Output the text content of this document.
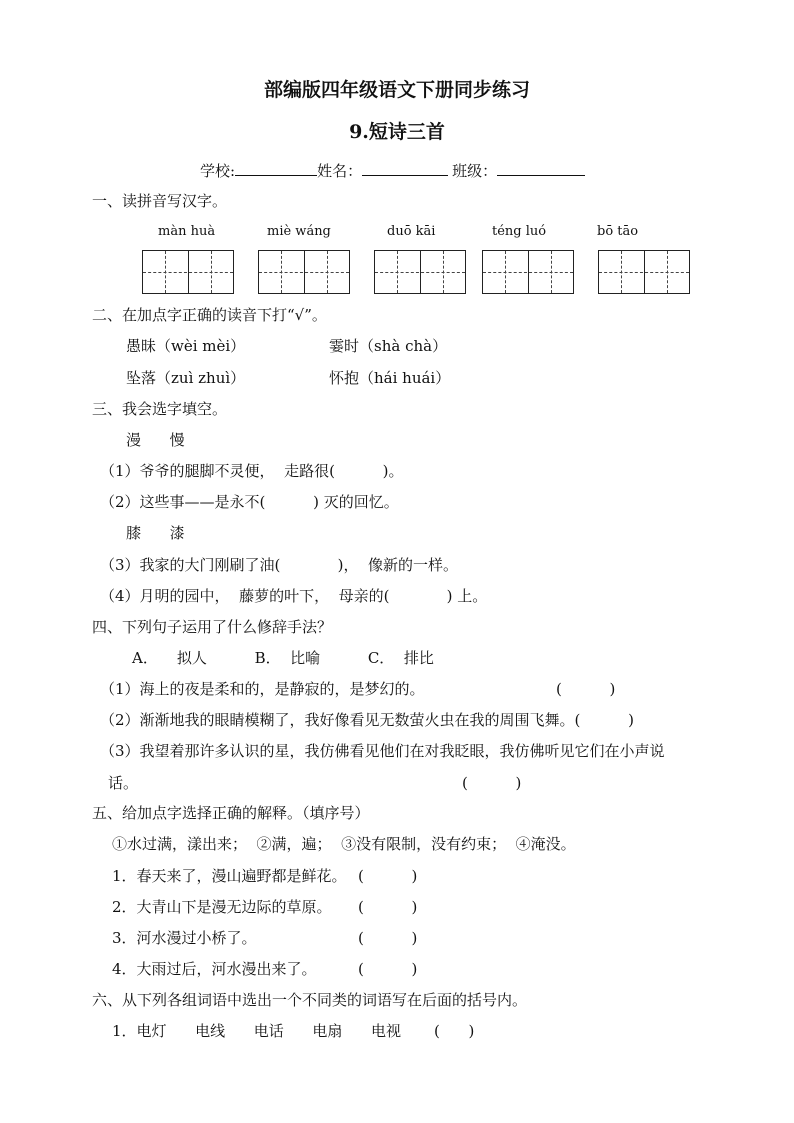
部编版四年级语文下册同步练习
9.短诗三首
学校:	姓名：	班级：
一、读拼音写汉字。
màn huà	miè wáng	duō kāi	téng luó	bō tāo
二、在加点字正确的读音下打“√”。
愚昧（wèi mèi）	霎时（shà chà）
坠落（zuì zhuì）	怀抱（hái huái）
三、我会选字填空。
漫      慢
（1）爷爷的腿脚不灵便，  走路很(          )。
（2）这些事——是永不(          ) 灭的回忆。
膝      漆
（3）我家的大门刚刷了油(            )，  像新的一样。
（4）月明的园中，  藤萝的叶下，  母亲的(            ) 上。
四、下列句子运用了什么修辞手法？
A．    拟人          B．  比喻          C．  排比
（1）海上的夜是柔和的，是静寂的，是梦幻的。	(          )
（2）渐渐地我的眼睛模糊了，我好像看见无数萤火虫在我的周围飞舞。(          )
（3）我望着那许多认识的星，我仿佛看见他们在对我眨眼，我仿佛听见它们在小声说
话。	(          )
五、给加点字选择正确的解释。（填序号）
①水过满，漾出来；  ②满，遍；  ③没有限制，没有约束；  ④淹没。
1．春天来了，漫山遍野都是鲜花。 (          )
2．大青山下是漫无边际的草原。 (          )
3．河水漫过小桥了。	(          )
4．大雨过后，河水漫出来了。	(          )
六、从下列各组词语中选出一个不同类的词语写在后面的括号内。
1．电灯      电线      电话      电扇      电视 (      )
